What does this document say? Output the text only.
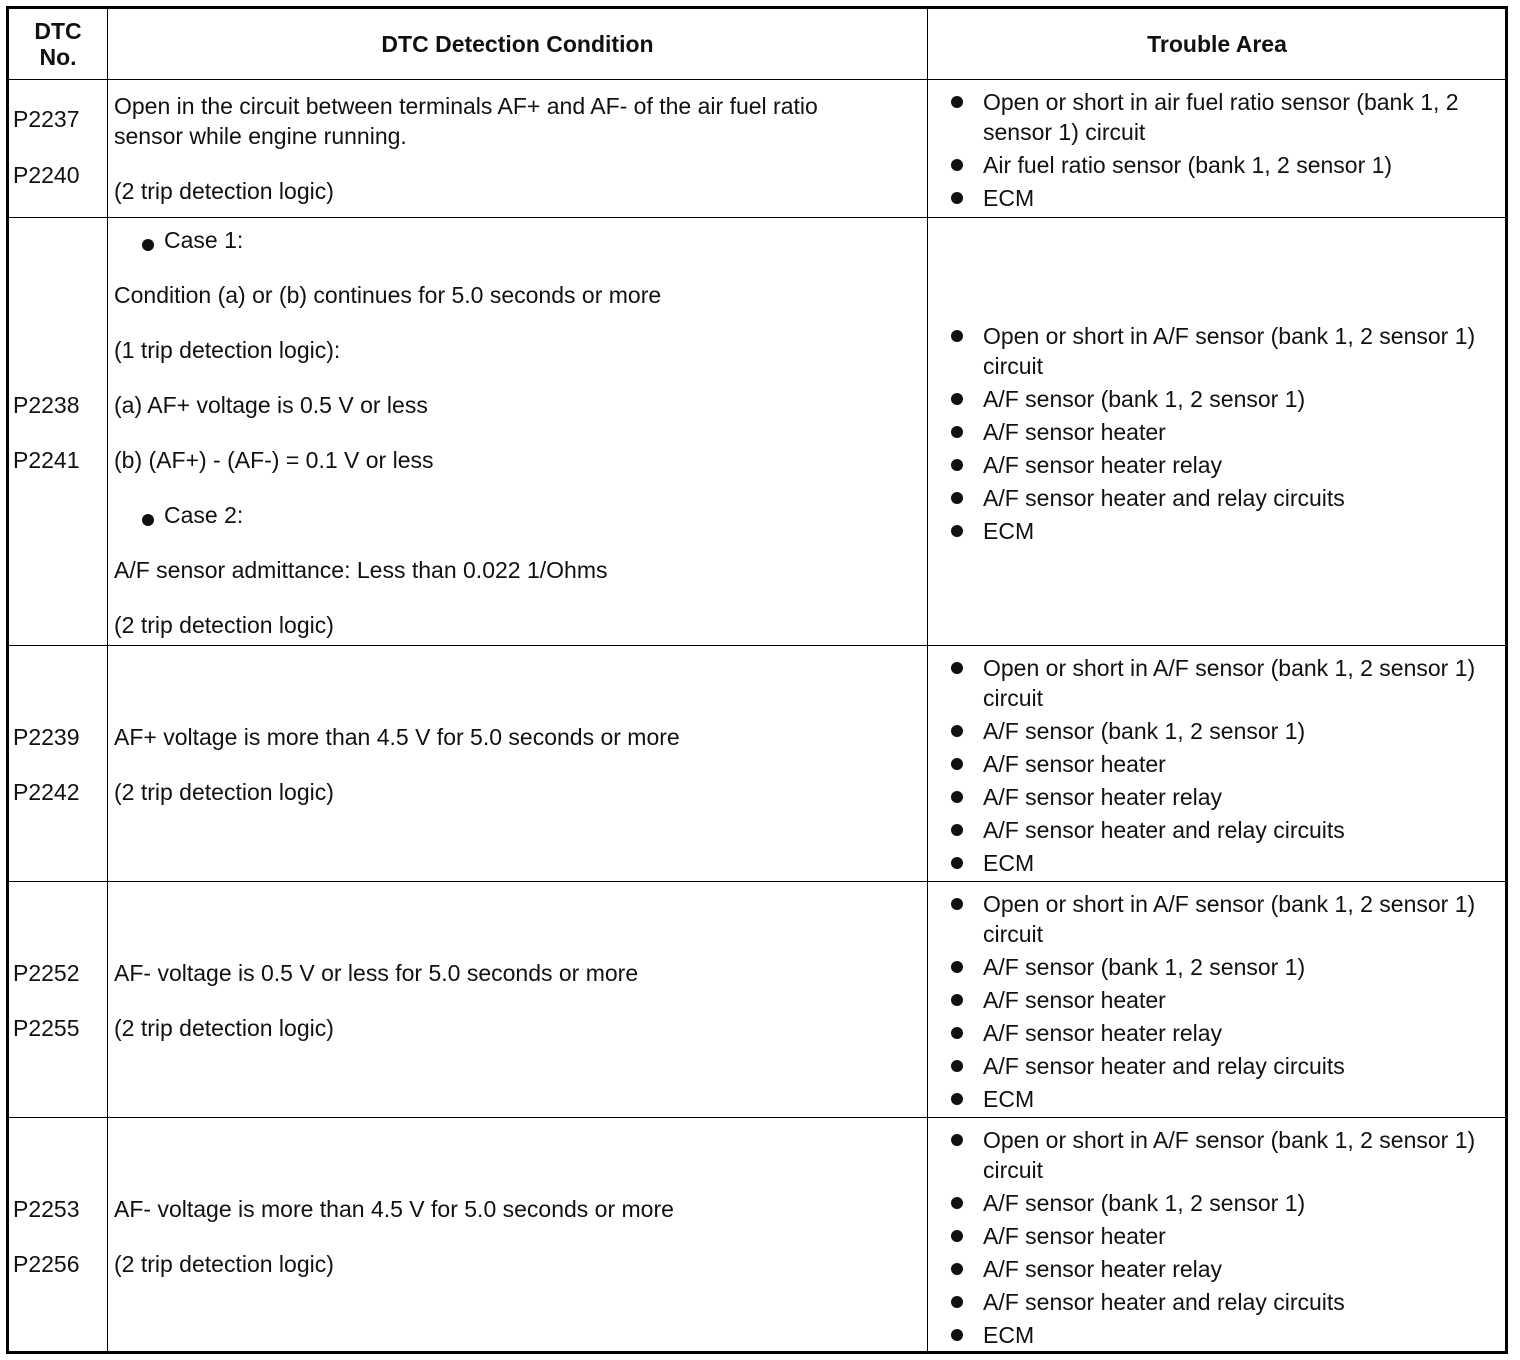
DTC No.	DTC Detection Condition	Trouble Area
P2237
P2240
Open in the circuit between terminals AF+ and AF- of the air fuel ratio
sensor while engine running.
(2 trip detection logic)
Open or short in air fuel ratio sensor (bank 1, 2 sensor 1) circuit
Air fuel ratio sensor (bank 1, 2 sensor 1)
ECM
P2238
P2241
Case 1:
Condition (a) or (b) continues for 5.0 seconds or more
(1 trip detection logic):
(a) AF+ voltage is 0.5 V or less
(b) (AF+) - (AF-) = 0.1 V or less
Case 2:
A/F sensor admittance: Less than 0.022 1/Ohms
(2 trip detection logic)
Open or short in A/F sensor (bank 1, 2 sensor 1) circuit
A/F sensor (bank 1, 2 sensor 1)
A/F sensor heater
A/F sensor heater relay
A/F sensor heater and relay circuits
ECM
P2239
P2242
AF+ voltage is more than 4.5 V for 5.0 seconds or more
(2 trip detection logic)
Open or short in A/F sensor (bank 1, 2 sensor 1) circuit
A/F sensor (bank 1, 2 sensor 1)
A/F sensor heater
A/F sensor heater relay
A/F sensor heater and relay circuits
ECM
P2252
P2255
AF- voltage is 0.5 V or less for 5.0 seconds or more
(2 trip detection logic)
Open or short in A/F sensor (bank 1, 2 sensor 1) circuit
A/F sensor (bank 1, 2 sensor 1)
A/F sensor heater
A/F sensor heater relay
A/F sensor heater and relay circuits
ECM
P2253
P2256
AF- voltage is more than 4.5 V for 5.0 seconds or more
(2 trip detection logic)
Open or short in A/F sensor (bank 1, 2 sensor 1) circuit
A/F sensor (bank 1, 2 sensor 1)
A/F sensor heater
A/F sensor heater relay
A/F sensor heater and relay circuits
ECM
